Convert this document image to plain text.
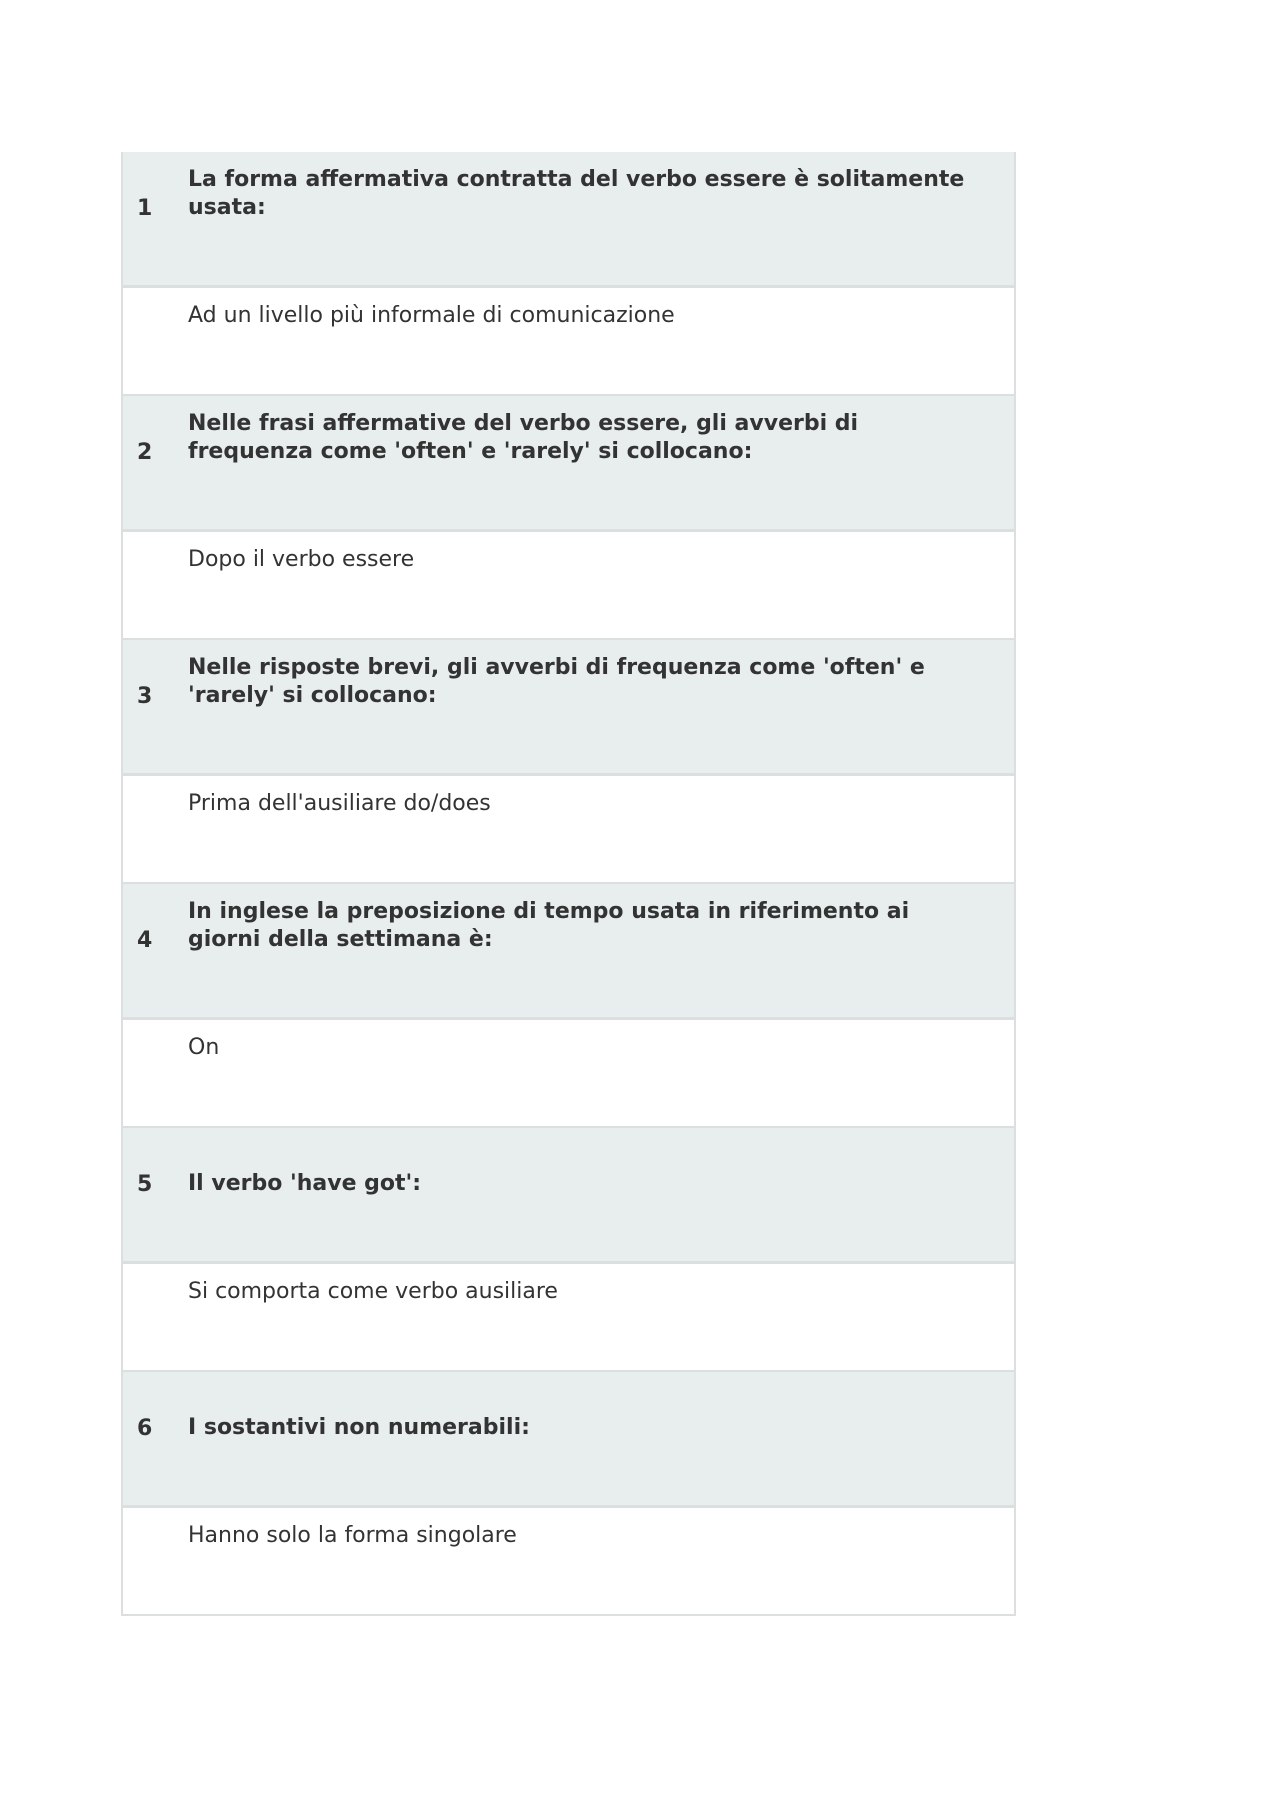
1
La forma affermativa contratta del verbo essere è solitamente usata:
Ad un livello più informale di comunicazione
2
Nelle frasi affermative del verbo essere, gli avverbi di frequenza come 'often' e 'rarely' si collocano:
Dopo il verbo essere
3
Nelle risposte brevi, gli avverbi di frequenza come 'often' e 'rarely' si collocano:
Prima dell'ausiliare do/does
4
In inglese la preposizione di tempo usata in riferimento ai giorni della settimana è:
On
5 Il verbo 'have got':
Si comporta come verbo ausiliare
6 I sostantivi non numerabili:
Hanno solo la forma singolare
